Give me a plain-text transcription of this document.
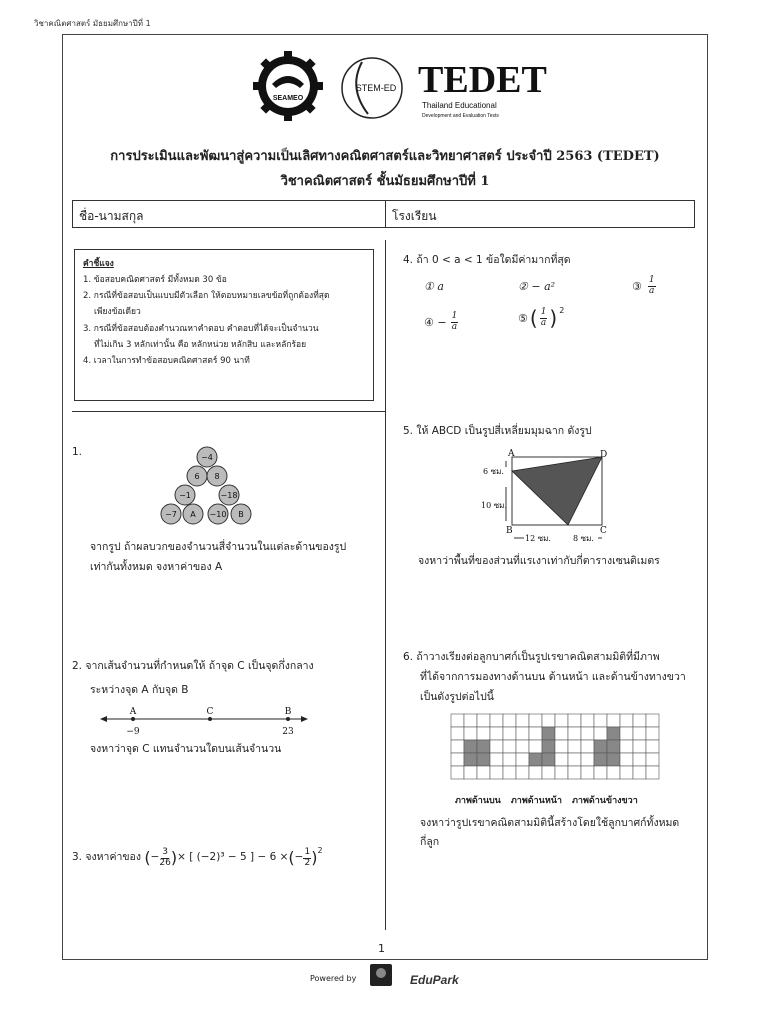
วิชาคณิตศาสตร์ มัธยมศึกษาปีที่ 1
SEAMEO
STEM-ED TEDET
Thailand Educational
Development and Evaluation Tests
การประเมินและพัฒนาสู่ความเป็นเลิศทางคณิตศาสตร์และวิทยาศาสตร์ ประจำปี 2563 (TEDET)
วิชาคณิตศาสตร์ ชั้นมัธยมศึกษาปีที่ 1
ชื่อ-นามสกุล	โรงเรียน
คำชี้แจง
1. ข้อสอบคณิตศาสตร์ มีทั้งหมด 30 ข้อ
2. กรณีที่ข้อสอบเป็นแบบมีตัวเลือก ให้ตอบหมายเลขข้อที่ถูกต้องที่สุด
เพียงข้อเดียว
3. กรณีที่ข้อสอบต้องคำนวณหาคำตอบ คำตอบที่ได้จะเป็นจำนวน
ที่ไม่เกิน 3 หลักเท่านั้น คือ หลักหน่วย หลักสิบ และหลักร้อย
4. เวลาในการทำข้อสอบคณิตศาสตร์ 90 นาที
1.	−4
6 8
−1	−18
−7 A −10 B
จากรูป ถ้าผลบวกของจำนวนสี่จำนวนในแต่ละด้านของรูป
เท่ากันทั้งหมด จงหาค่าของ A
2. จากเส้นจำนวนที่กำหนดให้ ถ้าจุด C เป็นจุดกึ่งกลาง
ระหว่างจุด A กับจุด B
A	C	B
−9	23
จงหาว่าจุด C แทนจำนวนใดบนเส้นจำนวน
3. จงหาค่าของ
( − $\frac{3}{26}$ ) × [ (−2)³ − 5 ] − 6 × ( − $\frac{1}{2} )^2$
4. ถ้า 0 < a < 1 ข้อใดมีค่ามากที่สุด
① a	② − a²	③ $\frac{1}{a}$
④ − $\frac{1}{a}$	⑤ ( $\frac{1}{a}$ ) $^2$
5. ให้ ABCD เป็นรูปสี่เหลี่ยมมุมฉาก ดังรูป
A	D
B	C
6 ซม.
10 ซม.
12 ซม.	8 ซม.
จงหาว่าพื้นที่ของส่วนที่แรเงาเท่ากับกี่ตารางเซนติเมตร
6. ถ้าวางเรียงต่อลูกบาศก์เป็นรูปเรขาคณิตสามมิติที่มีภาพ
ที่ได้จากการมองทางด้านบน ด้านหน้า และด้านข้างทางขวา
เป็นดังรูปต่อไปนี้
ภาพด้านบน ภาพด้านหน้า ภาพด้านข้างขวา
จงหาว่ารูปเรขาคณิตสามมิตินี้สร้างโดยใช้ลูกบาศก์ทั้งหมด
กี่ลูก
1
Powered by	EduPark
